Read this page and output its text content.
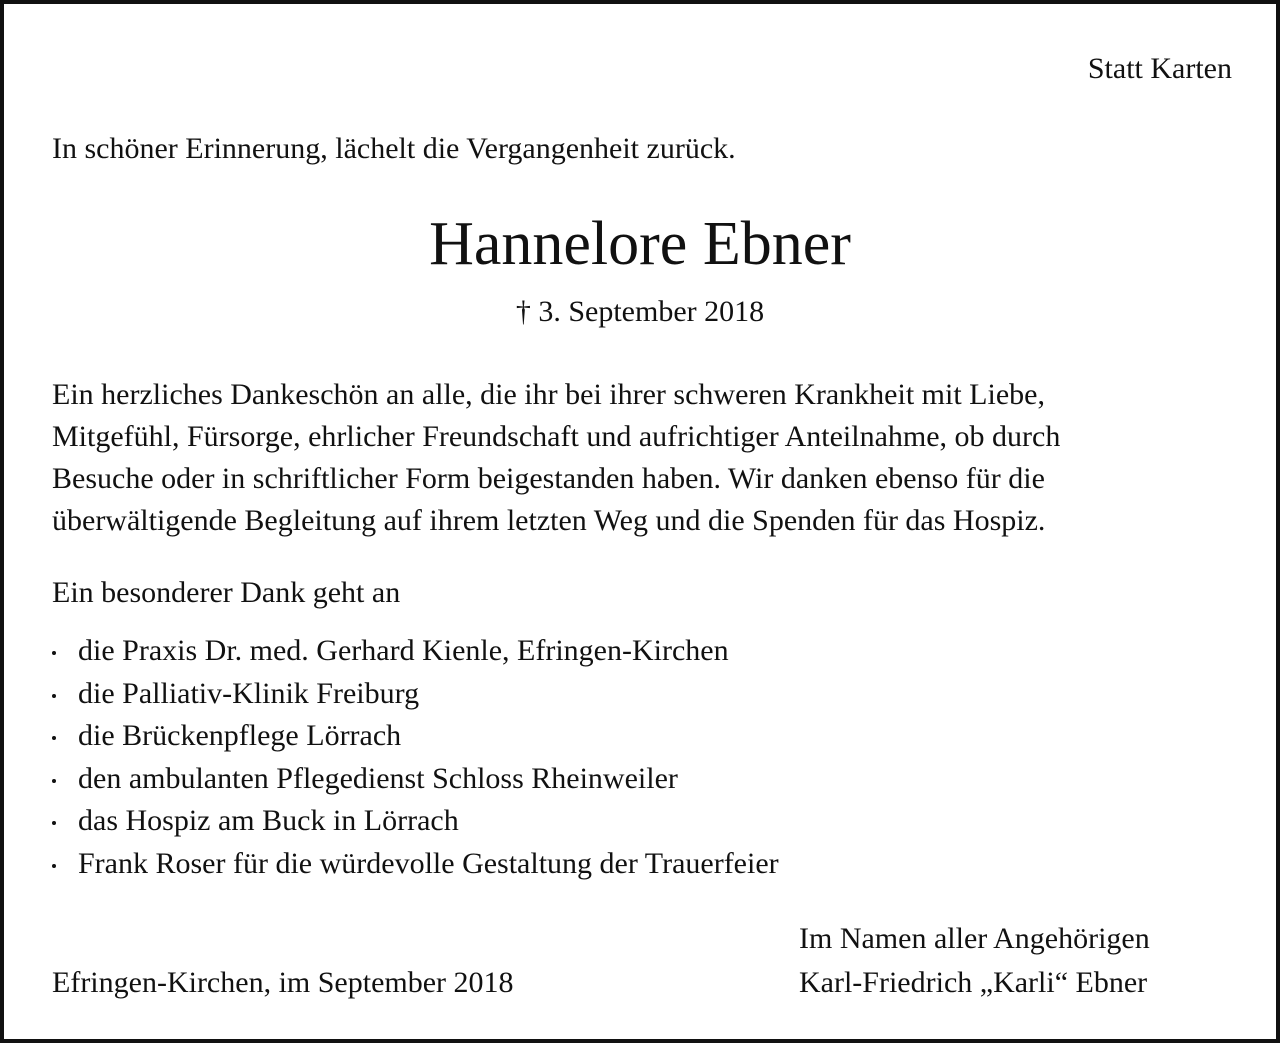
Statt Karten
In schöner Erinnerung, lächelt die Vergangenheit zurück.
Hannelore Ebner
† 3. September 2018

Ein herzliches Dankeschön an alle, die ihr bei ihrer schweren Krankheit mit Liebe,
Mitgefühl, Fürsorge, ehrlicher Freundschaft und aufrichtiger Anteilnahme, ob durch
Besuche oder in schriftlicher Form beigestanden haben. Wir danken ebenso für die
überwältigende Begleitung auf ihrem letzten Weg und die Spenden für das Hospiz.

Ein besonderer Dank geht an
die Praxis Dr. med. Gerhard Kienle, Efringen-Kirchen
die Palliativ-Klinik Freiburg
die Brückenpflege Lörrach
den ambulanten Pflegedienst Schloss Rheinweiler
das Hospiz am Buck in Lörrach
Frank Roser für die würdevolle Gestaltung der Trauerfeier
Efringen-Kirchen, im September 2018
Im Namen aller Angehörigen
Karl-Friedrich „Karli“ Ebner
